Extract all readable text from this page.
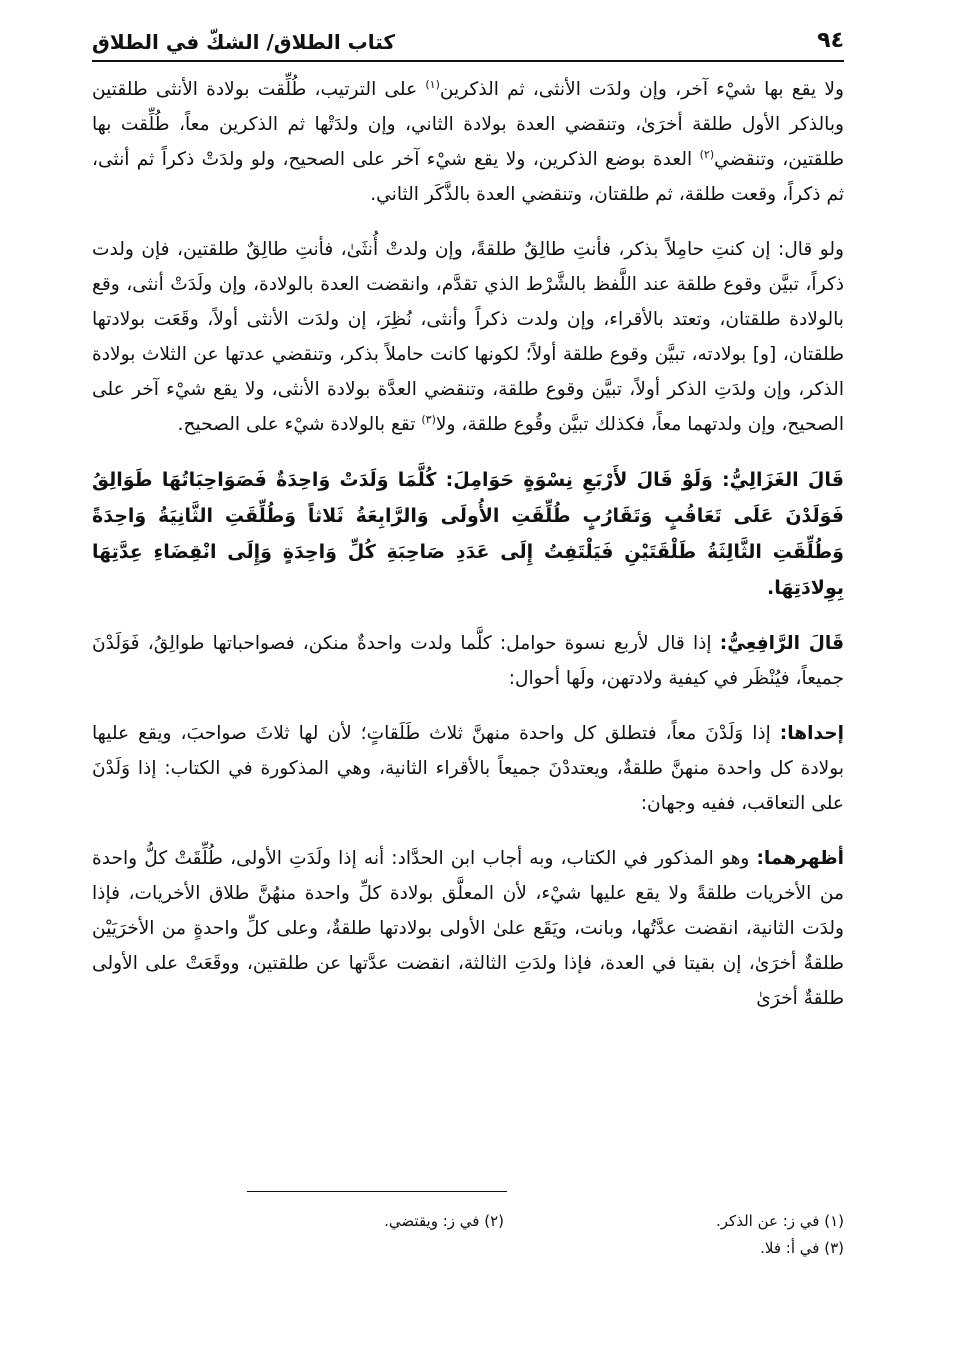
٩٤
كتاب الطلاق/ الشكّ في الطلاق

ولا يقع بها شيْء آخر، وإن ولدَت الأنثى، ثم الذكرين$^{(١)}$ على الترتيب، طُلِّقت بولادة الأنثى طلقتين وبالذكر الأول طلقة أخرَىٰ، وتنقضي العدة بولادة الثاني، وإن ولدَتْها ثم الذكرين معاً، طُلِّقت بها طلقتين، وتنقضي$^{(٢)}$ العدة بوضع الذكرين، ولا يقع شيْء آخر على الصحيح، ولو ولدَتْ ذكراً ثم أنثى، ثم ذكراً، وقعت طلقة، ثم طلقتان، وتنقضي العدة بالذَّكَر الثاني.

ولو قال: إن كنتِ حامِلاً بذكر، فأنتِ طالِقٌ طلقةً، وإن ولدتْ أُنثَىٰ، فأنتِ طالِقٌ طلقتين، فإن ولدت ذكراً، تبيَّن وقوع طلقة عند اللَّفظ بالشَّرْط الذي تقدَّم، وانقضت العدة بالولادة، وإن ولَدَتْ أنثى، وقع بالولادة طلقتان، وتعتد بالأقراء، وإن ولدت ذكراً وأنثى، نُظِرَ، إن ولدَت الأنثى أولاً، وقَعَت بولادتها طلقتان، [و] بولادته، تبيَّن وقوع طلقة أولاً؛ لكونها كانت حاملاً بذكر، وتنقضي عدتها عن الثلاث بولادة الذكر، وإن ولدَتِ الذكر أولاً، تبيَّن وقوع طلقة، وتنقضي العدَّة بولادة الأنثى، ولا يقع شيْء آخر على الصحيح، وإن ولدتهما معاً، فكذلك تبيَّن وقُوع طلقة، ولا$^{(٣)}$ تقع بالولادة شيْء على الصحيح.

قَالَ الغَزَالِيُّ: وَلَوْ قَالَ لأَرْبَعِ نِسْوَةٍ حَوَامِلَ: كُلَّمَا وَلَدَتْ وَاحِدَةٌ فَصَوَاحِبَاتُهَا طَوَالِقُ فَوَلَدْنَ عَلَى تَعَاقُبٍ وَتَقَارُبٍ طُلِّقَتِ الأُولَى وَالرَّابِعَةُ ثَلاثاً وَطُلِّقَتِ الثَّانِيَةُ وَاحِدَةً وَطُلِّقَتِ الثَّالِثَةُ طَلْقَتَيْنِ فَيَلْتَفِتُ إِلَى عَدَدِ صَاحِبَةِ كُلِّ وَاحِدَةٍ وَإِلَى انْقِضَاءِ عِدَّتِهَا بِوِلادَتِهَا.

قَالَ الرَّافِعِيُّ: إذا قال لأربع نسوة حوامل: كلَّما ولدت واحدةٌ منكن، فصواحباتها طوالِقُ، فَوَلَدْنَ جميعاً، فيُنْظَر في كيفية ولادتهن، ولَها أحوال:

إحداها: إذا وَلَدْنَ معاً، فتطلق كل واحدة منهنَّ ثلاث طَلَقاتٍ؛ لأن لها ثلاثَ صواحبَ، ويقع عليها بولادة كل واحدة منهنَّ طلقةٌ، ويعتددْنَ جميعاً بالأقراء الثانية، وهي المذكورة في الكتاب: إذا وَلَدْنَ على التعاقب، ففيه وجهان:

أظهرهما: وهو المذكور في الكتاب، وبه أجاب ابن الحدَّاد: أنه إذا ولَدَتِ الأولى، طُلِّقَتْ كلُّ واحدة من الأخريات طلقةً ولا يقع عليها شيْء، لأن المعلَّق بولادة كلِّ واحدة منهُنَّ طلاق الأخريات، فإذا ولدَت الثانية، انقضت عدَّتُها، وبانت، ويَقَع علىٰ الأولى بولادتها طلقةٌ، وعلى كلِّ واحدةٍ من الأخرَيَيْن طلقةٌ أخرَىٰ، إن بقيتا في العدة، فإذا ولدَتِ الثالثة، انقضت عدَّتها عن طلقتين، ووقَعَتْ على الأولى طلقةٌ أخرَىٰ

(١) في ز: عن الذكر.
(٢) في ز: ويقتضي.
(٣) في أ: فلا.
